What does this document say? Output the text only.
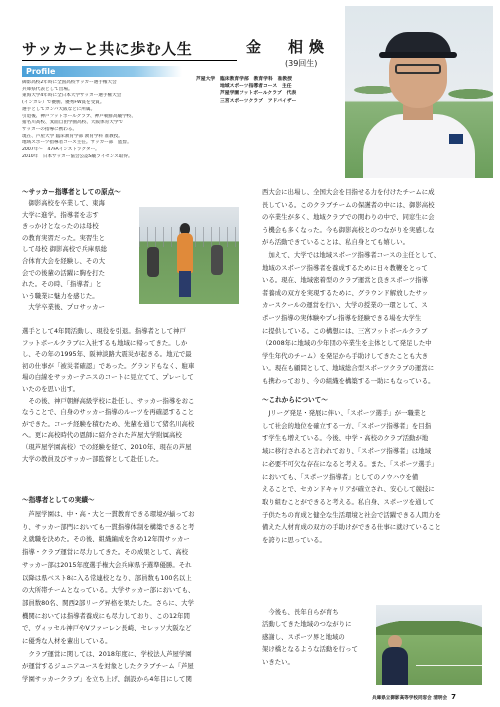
サッカーと共に歩む人生	金　相煥
(39回生)
Profile
御影高校2年時に全国高校サッカー選手権大会
兵庫県代表として出場。
東海大学4年時に全日本大学サッカー選手権大会
(インカレ）で優勝。優秀FW賞を受賞。
選手としてガンバ大阪などに所属。
引退後、神戸フットボールクラブ、神戸朝鮮高級学校、
猪名川高校、箕面自由学園高校、大阪体育大学で
サッカーの指導に携わる。
現在、芦屋大学 臨床教育学部 教育学科 准教授。
地域スポーツ指導者コース主任。サッカー部　監督。
2007年～　47FAインストラクター。
2010年　日本サッカー協会公認S級ライセンス取得。
芦屋大学　臨床教育学部　教育学科　准教授
　　　　　地域スポーツ指導者コース　主任
　　　　　芦屋学園フットボールクラブ　代表
　　　　　三宮スポーツクラブ　アドバイザー
～サッカー指導者としての原点～
　御影高校を卒業して、東海
大学に進学。指導者を志す
きっかけとなったのは母校
の教育実習だった。実習生と
して母校 御影高校で兵庫県総
合体育大会を経験し、その大
会での後輩の活躍に胸を打た
れた。その時、「指導者」と
いう職業に魅力を感じた。
　大学卒業後、プロサッカー
選手として4年間活動し、現役を引退。指導者として神戸
フットボールクラブに入社するも地域に帰ってきた。しか
し、その年の1995年、阪神淡路大震災が起きる。地元で最
初の仕事が「被災者確認」であった。グランドもなく、駐車
場の白線をサッカーテニスのコートに見立てて、プレーして
いたのを思い出す。
　その後、神戸朝鮮高級学校に赴任し、サッカー指導をおこ
なうことで、自身のサッカー指導のルーツを再確認すること
ができた。コーチ経験を積むため、先輩を通じて猪名川高校
へ。更に高校時代の恩師に紹介された芦屋大学附属高校
（現芦屋学園高校）での経験を経て、2010年、現在の芦屋
大学の教員及びサッカー部監督として赴任した。
～指導者としての実績～
　芦屋学園は、中・高・大と一貫教育できる環境が揃ってお
り、サッカー部門においても一貫指導体制を構築できると考
え就職を決めた。その後、組織編成を含め12年間サッカー
指導・クラブ運営に尽力してきた。その成果として、高校
サッカー部は2015年度選手権大会兵庫県予選準優勝。それ
以降は県ベスト8に入る常連校となり、部員数も100名以上
の大所帯チームとなっている。大学サッカー部においても、
部員数80名、関西2部リーグ昇格を果たした。さらに、大学
機関においては指導者養成にも尽力しており、この12年間
で、ヴィッセル神戸やVファーレン長崎、セレッソ大阪など
に優秀な人材を輩出している。
　クラブ運営に関しては、2018年度に、学校法人芦屋学園
が運営するジュニアユースを対象としたクラブチーム「芦屋
学園サッカークラブ」を立ち上げ、創設から4年目にして関
西大会に出場し、全国大会を目指せる力を付けたチームに成
長している。このクラブチームの保護者の中には、御影高校
の卒業生が多く、地域クラブでの関わりの中で、同窓生に会
う機会も多くなった。今も御影高校とのつながりを実感しな
がら活動できていることは、私自身とても嬉しい。
　加えて、大学では地域スポーツ指導者コースの主任として、
地域のスポーツ指導者を養成するために日々教鞭をとって
いる。現在、地域密着型のクラブ運営と良きスポーツ指導
者養成の双方を実現するために、グラウンド解放したサッ
カースクールの運営を行い、大学の授業の一環として、ス
ポーツ指導の実体験やプレ指導を経験できる場を大学生
に提供している。この構想には、三宮フットボールクラブ
（2008年に地域の少年団の卒業生を主体として発足した中
学生年代のチーム）を発足から手助けしてきたことも大き
い。現在も顧問として、地域総合型スポーツクラブの運営に
も携わっており、今の組織を構築する一助にもなっている。
～これからについて～
　Jリーグ発足・発展に伴い、「スポーツ選手」が一職業と
して社会的地位を確立する一方、「スポーツ指導者」を目指
す学生も増えている。今後、中学・高校のクラブ活動が地
域に移行されると言われており、「スポーツ指導者」は地域
に必要不可欠な存在になると考える。また、「スポーツ選手」
においても、「スポーツ指導者」としてのノウハウを備
えることで、セカンドキャリアが確立され、安心して競技に
取り組むことができると考える。私自身、スポーツを通して
子供たちの育成と健全な生活環境と社会で活躍できる人間力を
備えた人材育成の双方の手助けができる仕事に就けていること
を誇りに思っている。
　今後も、長年自らが育ち
活動してきた地域のつながりに
感謝し、スポーツ界と地域の
架け橋となるような活動を行って
いきたい。
兵庫県立御影高等学校同窓会 清明会 7
